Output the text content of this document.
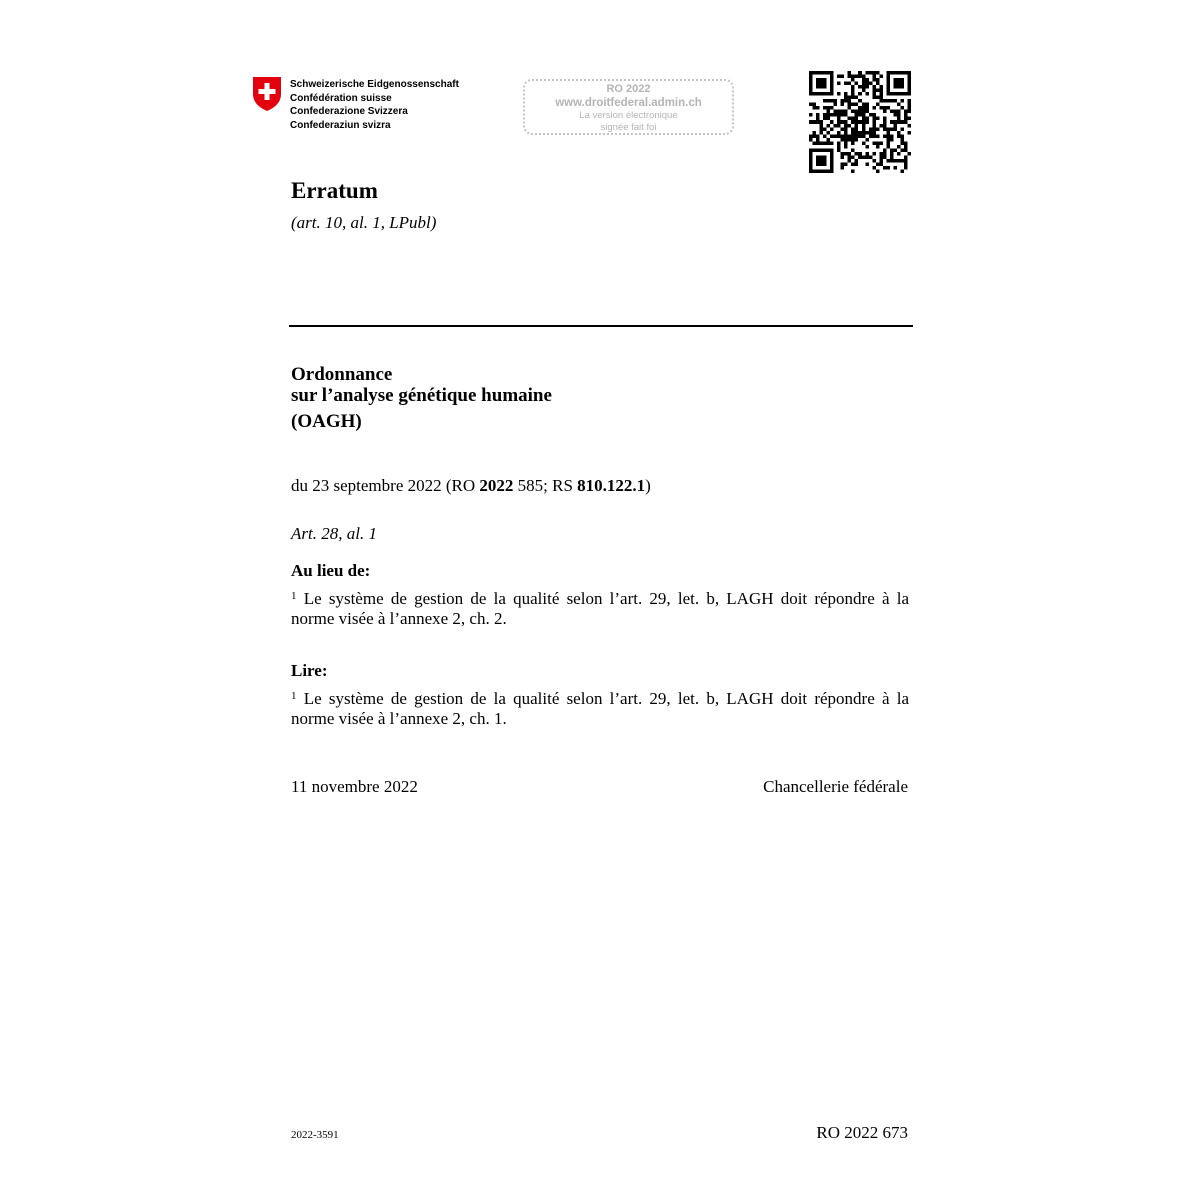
Schweizerische Eidgenossenschaft
Confédération suisse
Confederazione Svizzera
Confederaziun svizra
RO 2022
www.droitfederal.admin.ch
La version électronique
signée fait foi
Erratum
(art. 10, al. 1, LPubl)
Ordonnance
sur l’analyse génétique humaine
(OAGH)
du 23 septembre 2022 (RO 2022 585; RS 810.122.1)
Art. 28, al. 1
Au lieu de:
$^1$ Le système de gestion de la qualité selon l’art. 29, let. b, LAGH doit répondre à la
norme visée à l’annexe 2, ch. 2.
Lire:
$^1$ Le système de gestion de la qualité selon l’art. 29, let. b, LAGH doit répondre à la
norme visée à l’annexe 2, ch. 1.
11 novembre 2022	Chancellerie fédérale
2022-3591	RO 2022 673
